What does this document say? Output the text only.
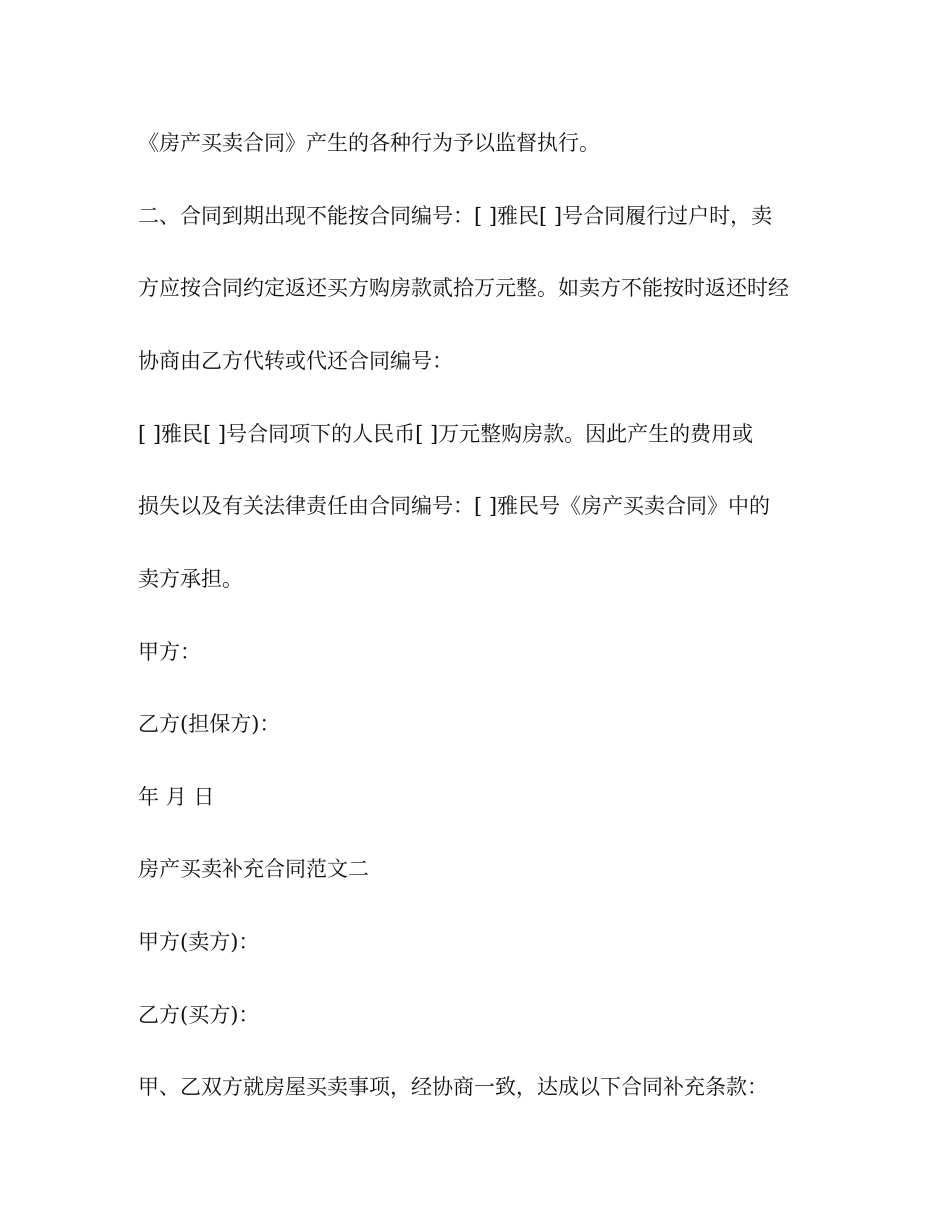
《房产买卖合同》产生的各种行为予以监督执行。
二、合同到期出现不能按合同编号：[ ]雅民[ ]号合同履行过户时，卖
方应按合同约定返还买方购房款贰拾万元整。如卖方不能按时返还时经
协商由乙方代转或代还合同编号：
[ ]雅民[ ]号合同项下的人民币[ ]万元整购房款。因此产生的费用或
损失以及有关法律责任由合同编号：[ ]雅民号《房产买卖合同》中的
卖方承担。
甲方：
乙方(担保方)：
年 月 日
房产买卖补充合同范文二
甲方(卖方)：
乙方(买方)：
甲、乙双方就房屋买卖事项，经协商一致，达成以下合同补充条款：
